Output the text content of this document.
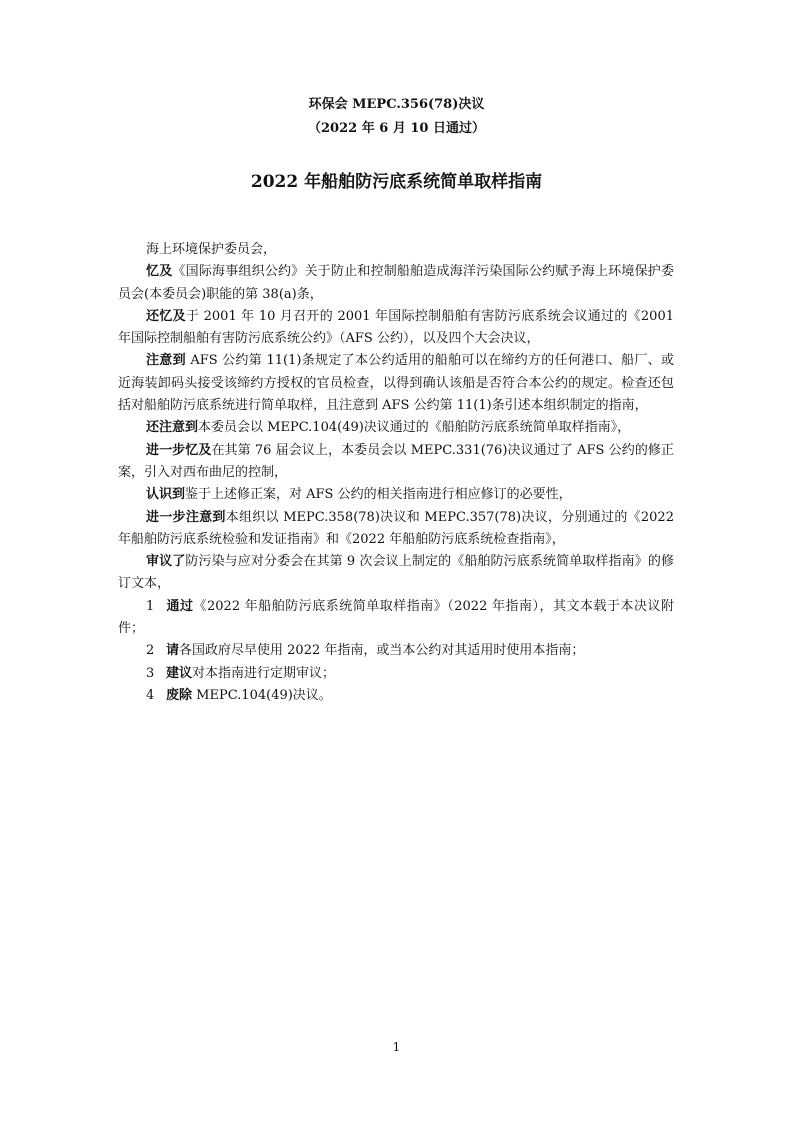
环保会 MEPC.356(78)决议
（2022 年 6 月 10 日通过）
2022 年船舶防污底系统简单取样指南

海上环境保护委员会，

忆及《国际海事组织公约》关于防止和控制船舶造成海洋污染国际公约赋予海上环境保护委员会(本委员会)职能的第 38(a)条，

还忆及于 2001 年 10 月召开的 2001 年国际控制船舶有害防污底系统会议通过的《2001 年国际控制船舶有害防污底系统公约》（AFS 公约），以及四个大会决议，

注意到 AFS 公约第 11(1)条规定了本公约适用的船舶可以在缔约方的任何港口、船厂、或近海装卸码头接受该缔约方授权的官员检查，以得到确认该船是否符合本公约的规定。检查还包括对船舶防污底系统进行简单取样，且注意到 AFS 公约第 11(1)条引述本组织制定的指南，

还注意到本委员会以 MEPC.104(49)决议通过的《船舶防污底系统简单取样指南》，

进一步忆及在其第 76 届会议上，本委员会以 MEPC.331(76)决议通过了 AFS 公约的修正案，引入对西布曲尼的控制，

认识到鉴于上述修正案，对 AFS 公约的相关指南进行相应修订的必要性，

进一步注意到本组织以 MEPC.358(78)决议和 MEPC.357(78)决议，分别通过的《2022 年船舶防污底系统检验和发证指南》和《2022 年船舶防污底系统检查指南》，

审议了防污染与应对分委会在其第 9 次会议上制定的《船舶防污底系统简单取样指南》的修订文本，

1 通过《2022 年船舶防污底系统简单取样指南》（2022 年指南），其文本载于本决议附件；

2 请各国政府尽早使用 2022 年指南，或当本公约对其适用时使用本指南；

3 建议对本指南进行定期审议；

4 废除 MEPC.104(49)决议。

1
